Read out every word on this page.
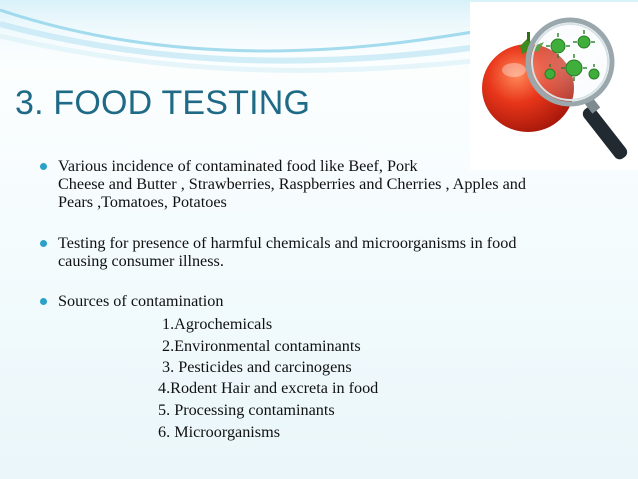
3. FOOD TESTING
Various incidence of contaminated food like Beef, Pork
Cheese and Butter , Strawberries, Raspberries and Cherries , Apples and
Pears ,Tomatoes, Potatoes
Testing for presence of harmful chemicals and microorganisms in food
causing consumer illness.
Sources of contamination
1.Agrochemicals
2.Environmental contaminants
3. Pesticides and carcinogens
4.Rodent Hair and excreta in food
5. Processing contaminants
6. Microorganisms
